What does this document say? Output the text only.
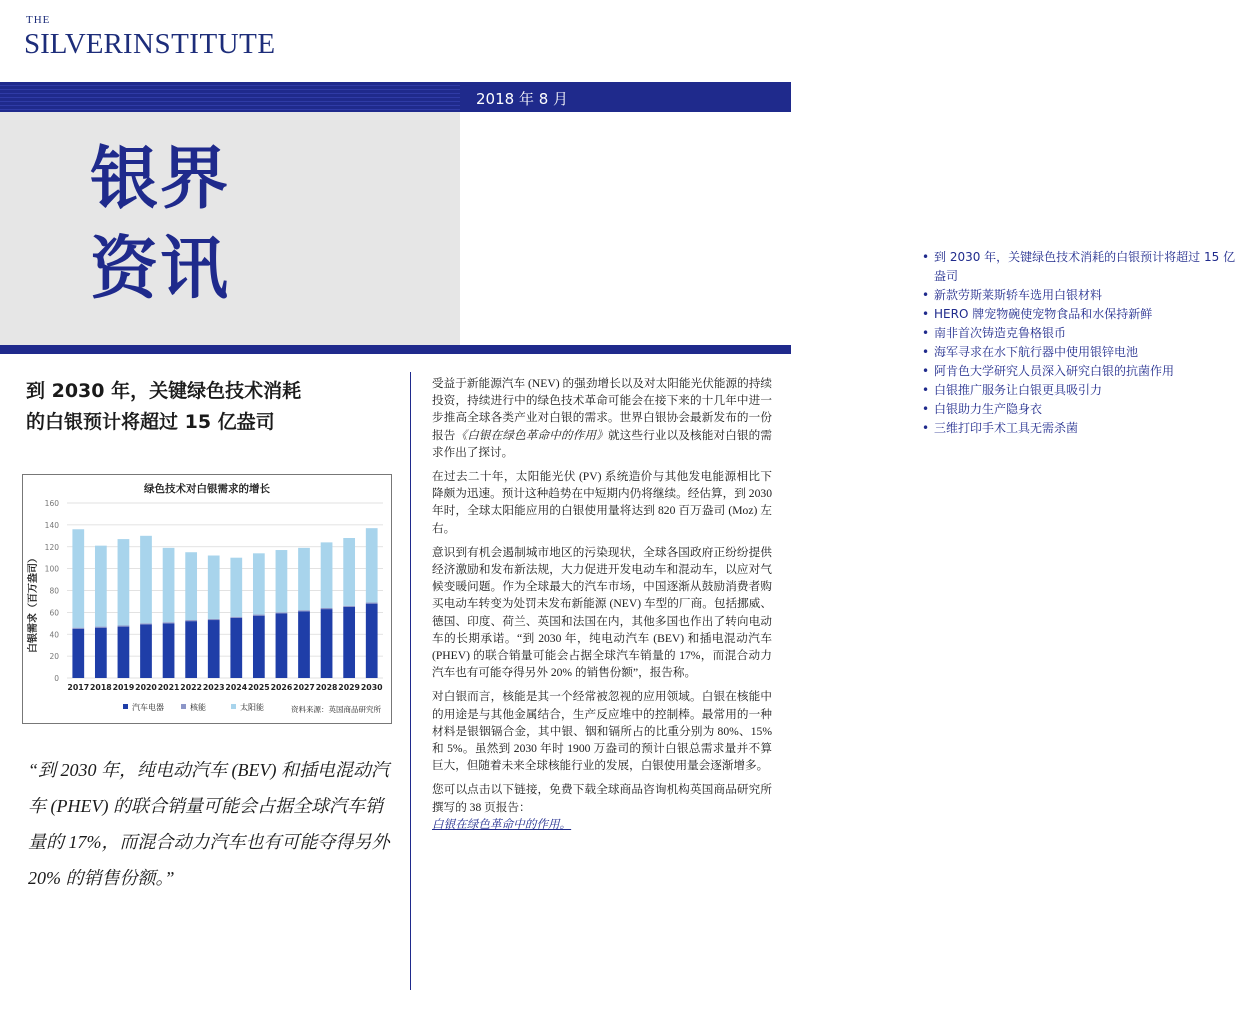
THE
SILVERINSTITUTE
2018 年 8 月
银界
资讯
•	到 2030 年，关键绿色技术消耗的白银预计将超过 15 亿盎司
• 新款劳斯莱斯轿车选用白银材料
• HERO 牌宠物碗使宠物食品和水保持新鲜
• 南非首次铸造克鲁格银币
• 海军寻求在水下航行器中使用银锌电池
• 阿肯色大学研究人员深入研究白银的抗菌作用
• 白银推广服务让白银更具吸引力
• 白银助力生产隐身衣
• 三维打印手术工具无需杀菌
到 2030 年，关键绿色技术消耗
的白银预计将超过 15 亿盎司
绿色技术对白银需求的增长
0
20
40
60
80
100
120
140
160
2017 2018 2019 2020 2021 2022 2023 2024 2025 2026 2027 2028 2029 2030
白银需求（百万盎司）
汽车电器	核能	太阳能	资料来源：英国商品研究所
“到 2030 年，纯电动汽车 (BEV) 和插电混动汽车 (PHEV) 的联合销量可能会占据全球汽车销量的 17%，而混合动力汽车也有可能夺得另外 20% 的销售份额。”

受益于新能源汽车 (NEV) 的强劲增长以及对太阳能光伏能源的持续投资，持续进行中的绿色技术革命可能会在接下来的十几年中进一步推高全球各类产业对白银的需求。世界白银协会最新发布的一份报告《白银在绿色革命中的作用》就这些行业以及核能对白银的需求作出了探讨。

在过去二十年，太阳能光伏 (PV) 系统造价与其他发电能源相比下降颇为迅速。预计这种趋势在中短期内仍将继续。经估算，到 2030 年时，全球太阳能应用的白银使用量将达到 820 百万盎司 (Moz) 左右。

意识到有机会遏制城市地区的污染现状，全球各国政府正纷纷提供经济激励和发布新法规，大力促进开发电动车和混动车，以应对气候变暖问题。作为全球最大的汽车市场，中国逐渐从鼓励消费者购买电动车转变为处罚未发布新能源 (NEV) 车型的厂商。包括挪威、德国、印度、荷兰、英国和法国在内，其他多国也作出了转向电动车的长期承诺。“到 2030 年，纯电动汽车 (BEV) 和插电混动汽车 (PHEV) 的联合销量可能会占据全球汽车销量的 17%，而混合动力汽车也有可能夺得另外 20% 的销售份额”，报告称。

对白银而言，核能是其一个经常被忽视的应用领域。白银在核能中的用途是与其他金属结合，生产反应堆中的控制棒。最常用的一种材料是银铟镉合金，其中银、铟和镉所占的比重分别为 80%、15% 和 5%。虽然到 2030 年时 1900 万盎司的预计白银总需求量并不算巨大，但随着未来全球核能行业的发展，白银使用量会逐渐增多。

您可以点击以下链接，免费下载全球商品咨询机构英国商品研究所撰写的 38 页报告：
白银在绿色革命中的作用。
